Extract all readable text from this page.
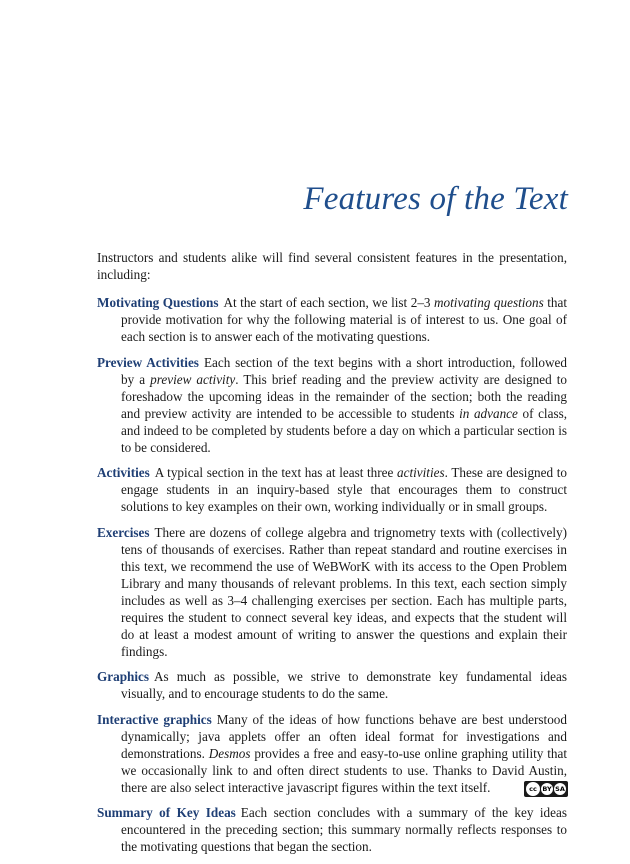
Features of the Text

Instructors and students alike will find several consistent features in the presentation, including:

Motivating Questions At the start of each section, we list 2–3 motivating questions that provide motivation for why the following material is of interest to us. One goal of each section is to answer each of the motivating questions.

Preview Activities Each section of the text begins with a short introduction, followed by a preview activity. This brief reading and the preview activity are designed to foreshadow the upcoming ideas in the remainder of the section; both the reading and preview activity are intended to be accessible to students in advance of class, and indeed to be completed by students before a day on which a particular section is to be considered.

Activities A typical section in the text has at least three activities. These are designed to engage students in an inquiry-based style that encourages them to construct solutions to key examples on their own, working individually or in small groups.

Exercises There are dozens of college algebra and trignometry texts with (collectively) tens of thousands of exercises. Rather than repeat standard and routine exercises in this text, we recommend the use of WeBWorK with its access to the Open Problem Library and many thousands of relevant problems. In this text, each section simply includes as well as 3–4 challenging exercises per section. Each has multiple parts, requires the student to connect several key ideas, and expects that the student will do at least a modest amount of writing to answer the questions and explain their findings.

Graphics As much as possible, we strive to demonstrate key fundamental ideas visually, and to encourage students to do the same.

Interactive graphics Many of the ideas of how functions behave are best understood dynamically; java applets offer an often ideal format for investigations and demonstrations. Desmos provides a free and easy-to-use online graphing utility that we occasionally link to and often direct students to use. Thanks to David Austin, there are also select interactive javascript figures within the text itself.

Summary of Key Ideas Each section concludes with a summary of the key ideas encountered in the preceding section; this summary normally reflects responses to the motivating questions that began the section.

cc BY SA
